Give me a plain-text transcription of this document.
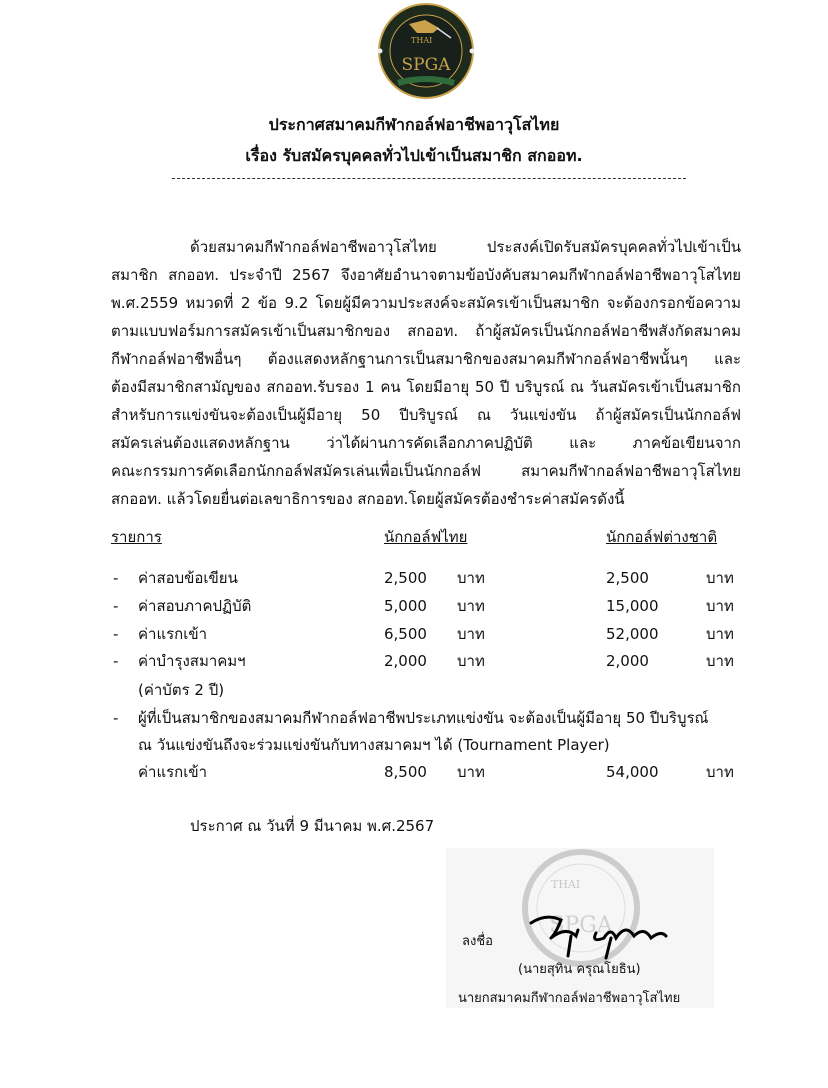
THAI
SPGA
ประกาศสมาคมกีฬากอล์ฟอาชีพอาวุโสไทย
เรื่อง รับสมัครบุคคลทั่วไปเข้าเป็นสมาชิก สกออท.
ด้วยสมาคมกีฬากอล์ฟอาชีพอาวุโสไทย ประสงค์เปิดรับสมัครบุคคลทั่วไปเข้าเป็น
สมาชิก สกออท. ประจำปี 2567 จึงอาศัยอำนาจตามข้อบังคับสมาคมกีฬากอล์ฟอาชีพอาวุโสไทย
พ.ศ.2559 หมวดที่ 2 ข้อ 9.2 โดยผู้มีความประสงค์จะสมัครเข้าเป็นสมาชิก จะต้องกรอกข้อความ
ตามแบบฟอร์มการสมัครเข้าเป็นสมาชิกของ สกออท. ถ้าผู้สมัครเป็นนักกอล์ฟอาชีพสังกัดสมาคม
กีฬากอล์ฟอาชีพอื่นๆ ต้องแสดงหลักฐานการเป็นสมาชิกของสมาคมกีฬากอล์ฟอาชีพนั้นๆ และ
ต้องมีสมาชิกสามัญของ สกออท.รับรอง 1 คน โดยมีอายุ 50 ปี บริบูรณ์ ณ วันสมัครเข้าเป็นสมาชิก
สำหรับการแข่งขันจะต้องเป็นผู้มีอายุ 50 ปีบริบูรณ์ ณ วันแข่งขัน ถ้าผู้สมัครเป็นนักกอล์ฟ
สมัครเล่นต้องแสดงหลักฐาน ว่าได้ผ่านการคัดเลือกภาคปฏิบัติ และ ภาคข้อเขียนจาก
คณะกรรมการคัดเลือกนักกอล์ฟสมัครเล่นเพื่อเป็นนักกอล์ฟ สมาคมกีฬากอล์ฟอาชีพอาวุโสไทย
สกออท. แล้วโดยยื่นต่อเลขาธิการของ สกออท.โดยผู้สมัครต้องชำระค่าสมัครดังนี้
รายการ	นักกอล์ฟไทย	นักกอล์ฟต่างชาติ
- ค่าสอบข้อเขียน	2,500 บาท	2,500	บาท
- ค่าสอบภาคปฏิบัติ	5,000 บาท	15,000	บาท
- ค่าแรกเข้า	6,500 บาท	52,000	บาท
- ค่าบำรุงสมาคมฯ	2,000 บาท	2,000	บาท
(ค่าบัตร 2 ปี)
- ผู้ที่เป็นสมาชิกของสมาคมกีฬากอล์ฟอาชีพประเภทแข่งขัน จะต้องเป็นผู้มีอายุ 50 ปีบริบูรณ์
ณ วันแข่งขันถึงจะร่วมแข่งขันกับทางสมาคมฯ ได้ (Tournament Player)
ค่าแรกเข้า	8,500 บาท	54,000	บาท
ประกาศ ณ วันที่ 9 มีนาคม พ.ศ.2567
THAI
SPGA
ลงชื่อ
(นายสุทิน ครุณโยธิน)
นายกสมาคมกีฬากอล์ฟอาชีพอาวุโสไทย
